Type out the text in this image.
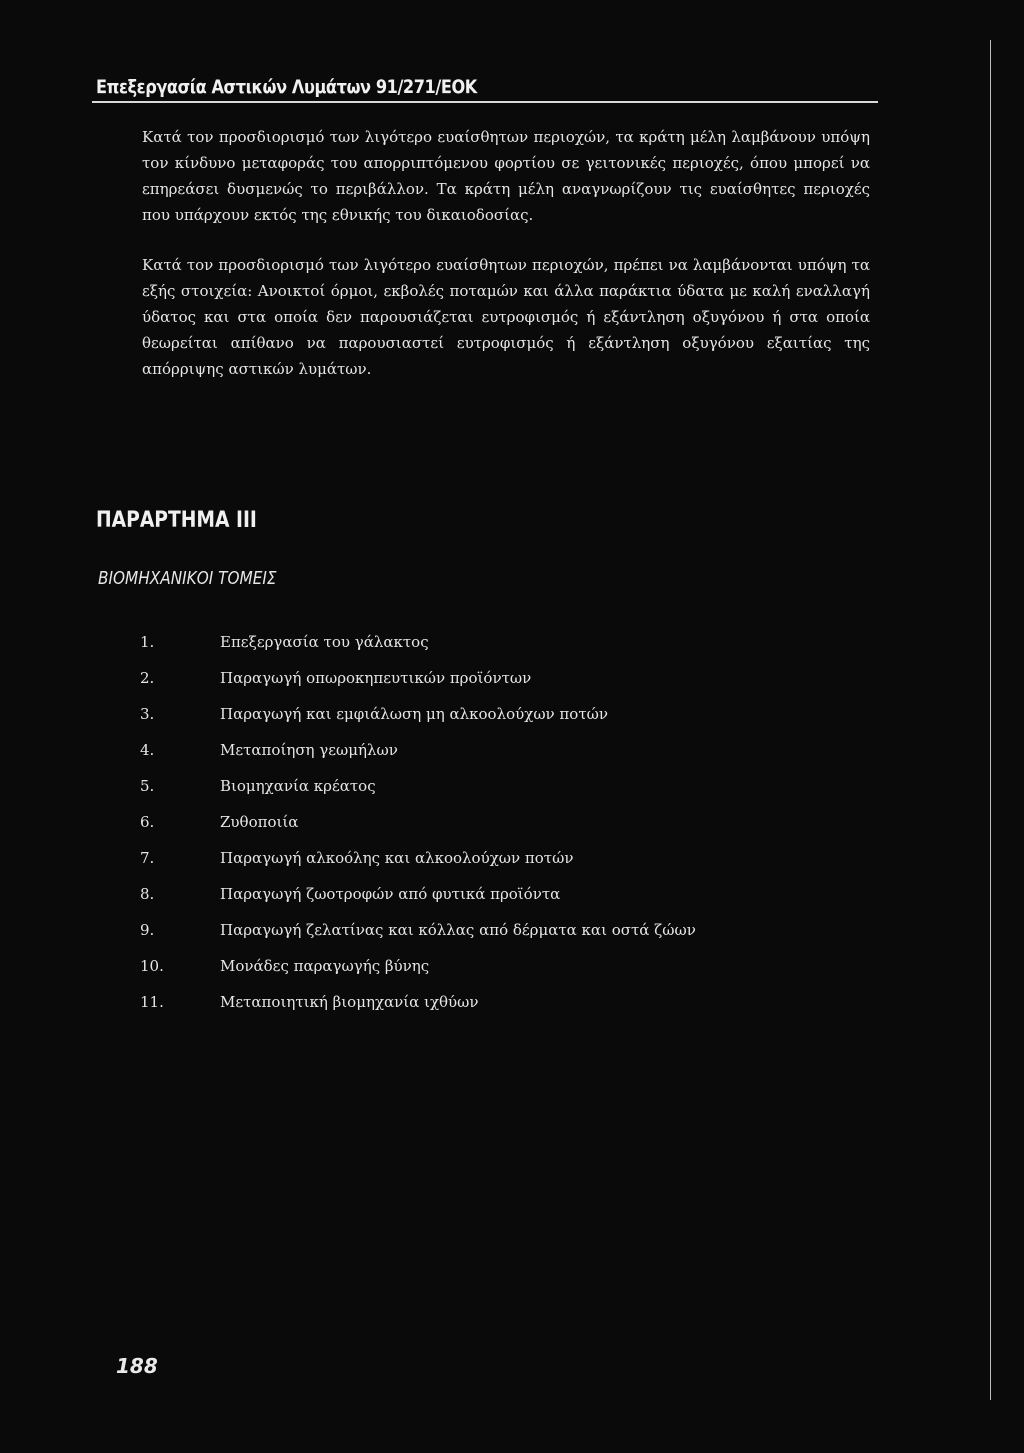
Επεξεργασία Αστικών Λυμάτων 91/271/ΕΟΚ

Κατά τον προσδιορισμό των λιγότερο ευαίσθητων περιοχών, τα κράτη μέλη λαμβάνουν υπόψη τον κίνδυνο μεταφοράς του απορριπτόμενου φορτίου σε γειτονικές περιοχές, όπου μπορεί να επηρεάσει δυσμενώς το περιβάλλον. Τα κράτη μέλη αναγνωρίζουν τις ευαίσθητες περιοχές που υπάρχουν εκτός της εθνικής του δικαιοδοσίας.

Κατά τον προσδιορισμό των λιγότερο ευαίσθητων περιοχών, πρέπει να λαμβάνονται υπόψη τα εξής στοιχεία: Ανοικτοί όρμοι, εκβολές ποταμών και άλλα παράκτια ύδατα με καλή εναλλαγή ύδατος και στα οποία δεν παρουσιάζεται ευτροφισμός ή εξάντληση οξυγόνου ή στα οποία θεωρείται απίθανο να παρουσιαστεί ευτροφισμός ή εξάντληση οξυγόνου εξαιτίας της απόρριψης αστικών λυμάτων.

ΠΑΡΑΡΤΗΜΑ III
ΒΙΟΜΗΧΑΝΙΚΟΙ ΤΟΜΕΙΣ
1.	Επεξεργασία του γάλακτος
2.	Παραγωγή οπωροκηπευτικών προϊόντων
3.	Παραγωγή και εμφιάλωση μη αλκοολούχων ποτών
4.	Μεταποίηση γεωμήλων
5.	Βιομηχανία κρέατος
6.	Ζυθοποιία
7.	Παραγωγή αλκοόλης και αλκοολούχων ποτών
8.	Παραγωγή ζωοτροφών από φυτικά προϊόντα
9.	Παραγωγή ζελατίνας και κόλλας από δέρματα και οστά ζώων
10.	Μονάδες παραγωγής βύνης
11.	Μεταποιητική βιομηχανία ιχθύων
188
